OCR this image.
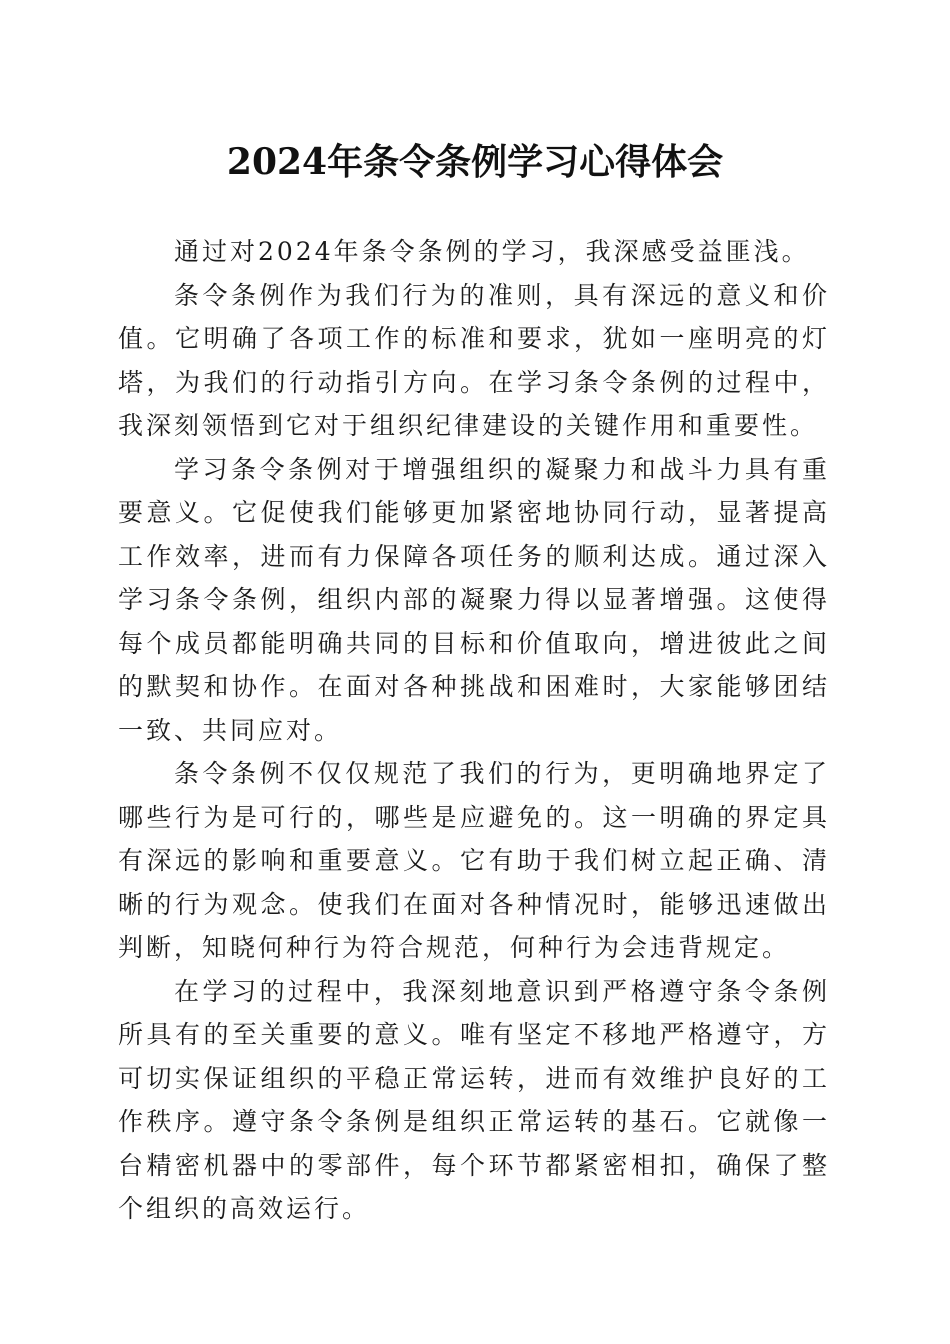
2024年条令条例学习心得体会

通过对2024年条令条例的学习，我深感受益匪浅。

条令条例作为我们行为的准则，具有深远的意义和价值。它明确了各项工作的标准和要求，犹如一座明亮的灯塔，为我们的行动指引方向。在学习条令条例的过程中，我深刻领悟到它对于组织纪律建设的关键作用和重要性。

学习条令条例对于增强组织的凝聚力和战斗力具有重要意义。它促使我们能够更加紧密地协同行动，显著提高工作效率，进而有力保障各项任务的顺利达成。通过深入学习条令条例，组织内部的凝聚力得以显著增强。这使得每个成员都能明确共同的目标和价值取向，增进彼此之间的默契和协作。在面对各种挑战和困难时，大家能够团结一致、共同应对。

条令条例不仅仅规范了我们的行为，更明确地界定了哪些行为是可行的，哪些是应避免的。这一明确的界定具有深远的影响和重要意义。它有助于我们树立起正确、清晰的行为观念。使我们在面对各种情况时，能够迅速做出判断，知晓何种行为符合规范，何种行为会违背规定。

在学习的过程中，我深刻地意识到严格遵守条令条例所具有的至关重要的意义。唯有坚定不移地严格遵守，方可切实保证组织的平稳正常运转，进而有效维护良好的工作秩序。遵守条令条例是组织正常运转的基石。它就像一台精密机器中的零部件，每个环节都紧密相扣，确保了整个组织的高效运行。
